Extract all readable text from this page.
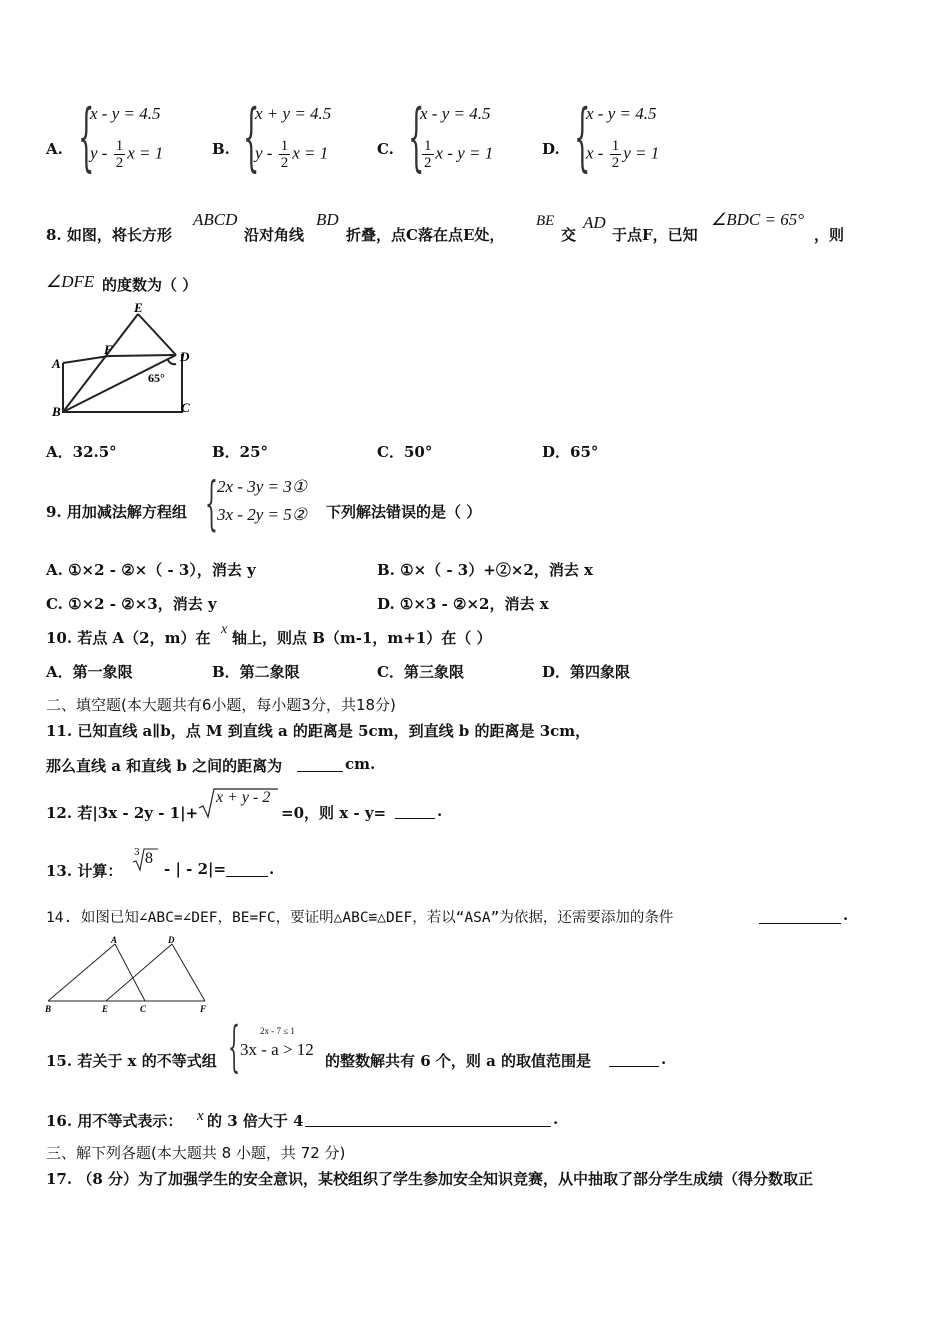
A. {
x - y = 4.5
y - $\frac{1}{2}$ x = 1	B. {
x + y = 4.5
y - $\frac{1}{2}$ x = 1	C. {
x - y = 4.5
$\frac{1}{2}$ x - y = 1	D. {
x - y = 4.5
x - $\frac{1}{2}$ y = 1
8. 如图，将长方形
ABCD
沿对角线
BD
折叠，点C落在点E处，
BE
交
AD
于点F，已知
∠BDC = 65°
，则
∠DFE 的度数为（ ）
A
B	C
D
E
F
65°
A．32.5°	B．25°	C．50°	D．65°
9. 用加减法解方程组 { 2x - 3y = 3①
3x - 2y = 5② 下列解法错误的是（ ）
A. ①×2 - ②×（ - 3），消去 y	B. ①×（ - 3）+②×2，消去 x
C. ①×2 - ②×3，消去 y	D. ①×3 - ②×2，消去 x
10. 若点 A（2，m）在 x 轴上，则点 B（m-1，m+1）在（ ）
A．第一象限	B．第二象限	C．第三象限	D．第四象限
二、填空题(本大题共有6小题，每小题3分，共18分)
11. 已知直线 a∥b，点 M 到直线 a 的距离是 5cm，到直线 b 的距离是 3cm，
那么直线 a 和直线 b 之间的距离为	cm.
12. 若|3x - 2y - 1|+
x + y - 2
=0，则 x - y=	.
13. 计算：
3 8
- | - 2|=	.
14. 如图已知∠ABC=∠DEF，BE=FC，要证明△ABC≌△DEF，若以“ASA”为依据，还需要添加的条件	.
A	D
B	E	C	F
15. 若关于 x 的不等式组 { 2x - 7 ≤ 1
3x - a > 12
的整数解共有 6 个，则 a 的取值范围是	.
16. 用不等式表示： x 的 3 倍大于 4	.
三、解下列各题(本大题共 8 小题，共 72 分)
17. （8 分）为了加强学生的安全意识，某校组织了学生参加安全知识竞赛，从中抽取了部分学生成绩（得分数取正
